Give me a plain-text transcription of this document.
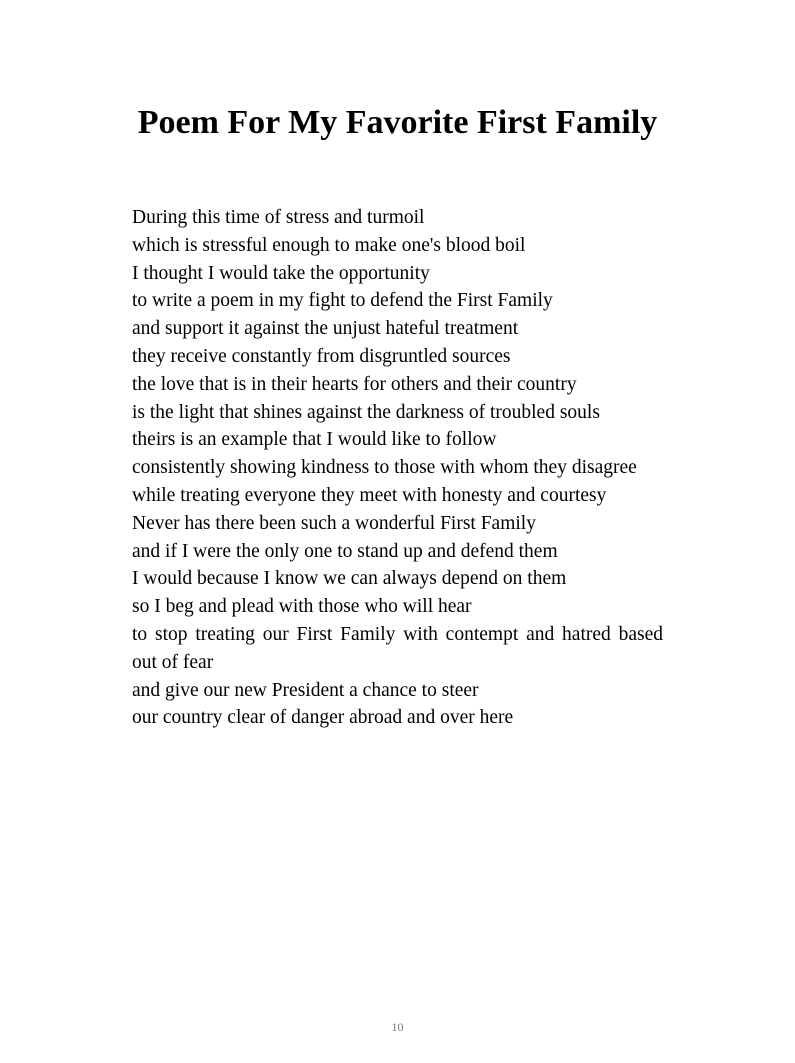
Poem For My Favorite First Family

During this time of stress and turmoil

which is stressful enough to make one's blood boil

I thought I would take the opportunity

to write a poem in my fight to defend the First Family

and support it against the unjust hateful treatment

they receive constantly from disgruntled sources

the love that is in their hearts for others and their country

is the light that shines against the darkness of troubled souls

theirs is an example that I would like to follow

consistently showing kindness to those with whom they disagree

while treating everyone they meet with honesty and courtesy

Never has there been such a wonderful First Family

and if I were the only one to stand up and defend them

I would because I know we can always depend on them

so I beg and plead with those who will hear

to stop treating our First Family with contempt and hatred based out of fear

and give our new President a chance to steer

our country clear of danger abroad and over here

10
